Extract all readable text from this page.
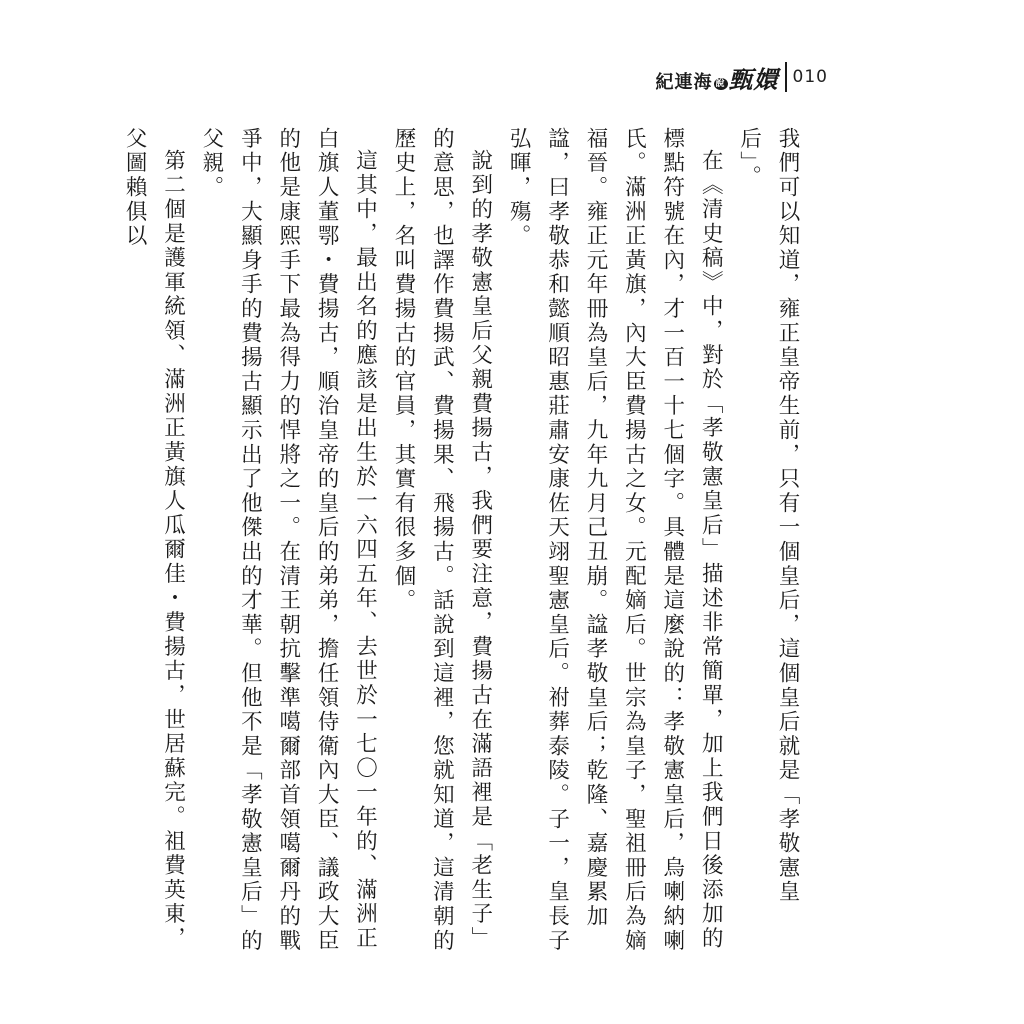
紀連海 說 甄嬛 010

我們可以知道，雍正皇帝生前，只有一個皇后，這個皇后就是「孝敬憲皇后」。

在《清史稿》中，對於「孝敬憲皇后」描述非常簡單，加上我們日後添加的標點符號在內，才一百一十七個字。具體是這麼說的：孝敬憲皇后，烏喇納喇氏。滿洲正黃旗，內大臣費揚古之女。元配嫡后。世宗為皇子，聖祖冊后為嫡福晉。雍正元年冊為皇后，九年九月己丑崩。諡孝敬皇后；乾隆、嘉慶累加諡，曰孝敬恭和懿順昭惠莊肅安康佐天翊聖憲皇后。祔葬泰陵。子一，皇長子弘暉，殤。

說到的孝敬憲皇后父親費揚古，我們要注意，費揚古在滿語裡是「老生子」的意思，也譯作費揚武、費揚果、飛揚古。話說到這裡，您就知道，這清朝的歷史上，名叫費揚古的官員，其實有很多個。

這其中，最出名的應該是出生於一六四五年、去世於一七〇一年的、滿洲正白旗人董鄂・費揚古，順治皇帝的皇后的弟弟，擔任領侍衛內大臣、議政大臣的他是康熙手下最為得力的悍將之一。在清王朝抗擊準噶爾部首領噶爾丹的戰爭中，大顯身手的費揚古顯示出了他傑出的才華。但他不是「孝敬憲皇后」的父親。

第二個是護軍統領、滿洲正黃旗人瓜爾佳・費揚古，世居蘇完。祖費英東，父圖賴俱以
